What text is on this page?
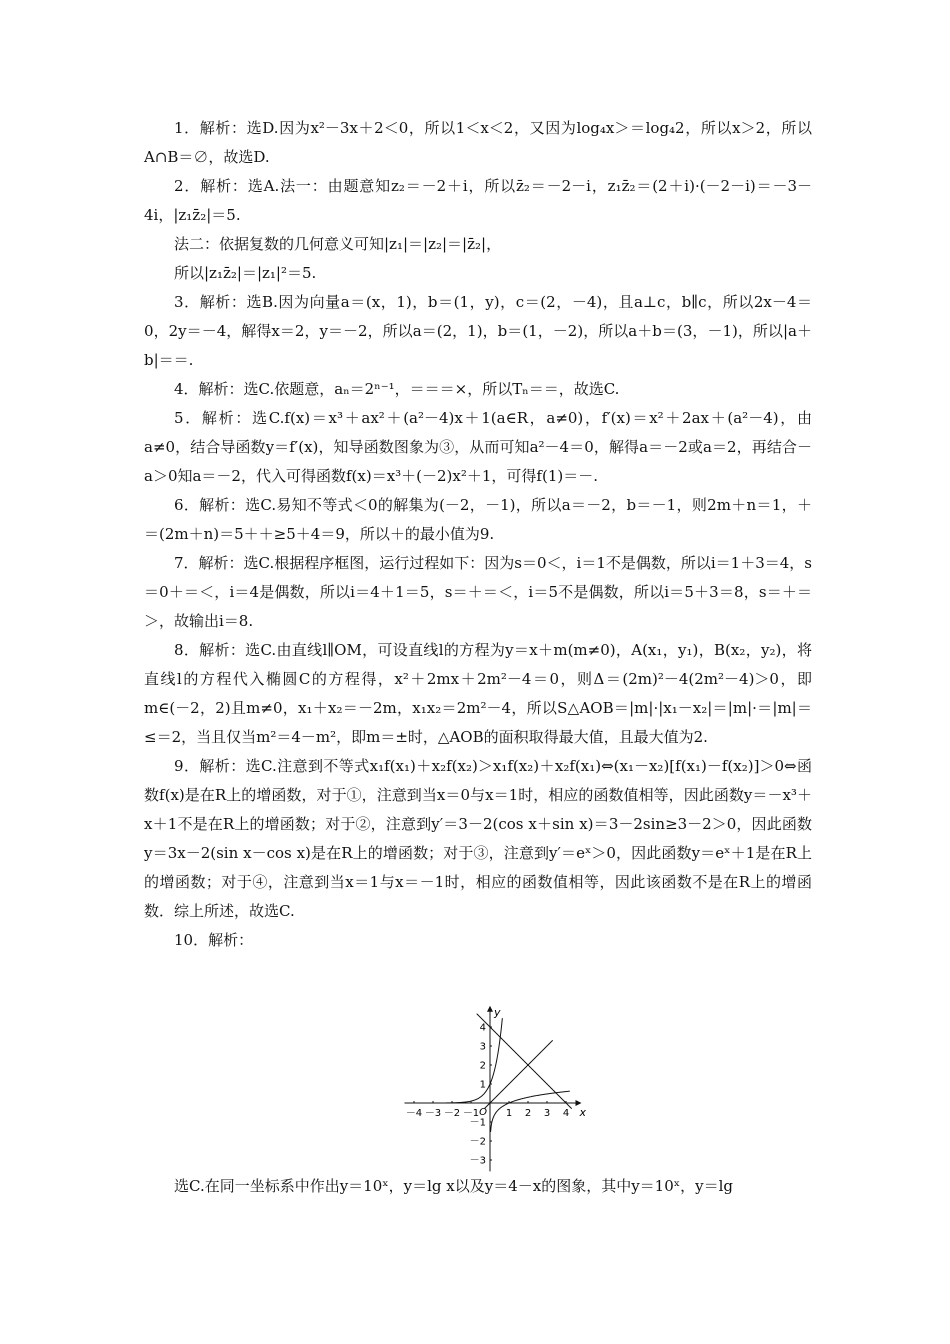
1．解析：选D.因为x²－3x＋2＜0，所以1＜x＜2，又因为log₄x＞＝log₄2，所以x＞2，所以A∩B＝∅，故选D.

2．解析：选A.法一：由题意知z₂＝－2＋i，所以z̄₂＝－2－i，z₁z̄₂＝(2＋i)·(－2－i)＝－3－4i，|z₁z̄₂|＝5.

法二：依据复数的几何意义可知|z₁|＝|z₂|＝|z̄₂|，

所以|z₁z̄₂|＝|z₁|²＝5.

3．解析：选B.因为向量a＝(x，1)，b＝(1，y)，c＝(2，－4)，且a⊥c，b∥c，所以2x－4＝0，2y＝－4，解得x＝2，y＝－2，所以a＝(2，1)，b＝(1，－2)，所以a＋b＝(3，－1)，所以|a＋b|＝＝.

4．解析：选C.依题意，aₙ＝2ⁿ⁻¹，＝＝＝×，所以Tₙ＝＝，故选C.

5．解析：选C.f(x)＝x³＋ax²＋(a²－4)x＋1(a∈R，a≠0)，f′(x)＝x²＋2ax＋(a²－4)，由a≠0，结合导函数y＝f′(x)，知导函数图象为③，从而可知a²－4＝0，解得a＝－2或a＝2，再结合－a＞0知a＝－2，代入可得函数f(x)＝x³＋(－2)x²＋1，可得f(1)＝－.

6．解析：选C.易知不等式＜0的解集为(－2，－1)，所以a＝－2，b＝－1，则2m＋n＝1，＋＝(2m＋n)＝5＋＋≥5＋4＝9，所以＋的最小值为9.

7．解析：选C.根据程序框图，运行过程如下：因为s＝0＜，i＝1不是偶数，所以i＝1＋3＝4，s＝0＋＝＜，i＝4是偶数，所以i＝4＋1＝5，s＝＋＝＜，i＝5不是偶数，所以i＝5＋3＝8，s＝＋＝＞，故输出i＝8.

8．解析：选C.由直线l∥OM，可设直线l的方程为y＝x＋m(m≠0)，A(x₁，y₁)，B(x₂，y₂)，将直线l的方程代入椭圆C的方程得，x²＋2mx＋2m²－4＝0，则Δ＝(2m)²－4(2m²－4)＞0，即m∈(－2，2)且m≠0，x₁＋x₂＝－2m，x₁x₂＝2m²－4，所以S△AOB＝|m|·|x₁－x₂|＝|m|·＝|m|＝≤＝2，当且仅当m²＝4－m²，即m＝±时，△AOB的面积取得最大值，且最大值为2.

9．解析：选C.注意到不等式x₁f(x₁)＋x₂f(x₂)＞x₁f(x₂)＋x₂f(x₁)⇔(x₁－x₂)[f(x₁)－f(x₂)]＞0⇔函数f(x)是在R上的增函数，对于①，注意到当x＝0与x＝1时，相应的函数值相等，因此函数y＝－x³＋x＋1不是在R上的增函数；对于②，注意到y′＝3－2(cos x＋sin x)＝3－2sin≥3－2＞0，因此函数y＝3x－2(sin x－cos x)是在R上的增函数；对于③，注意到y′＝eˣ＞0，因此函数y＝eˣ＋1是在R上的增函数；对于④，注意到当x＝1与x＝－1时，相应的函数值相等，因此该函数不是在R上的增函数．综上所述，故选C.

10．解析：

－4 －3 －2 －1	1 2 3 4
4
3
2
1
－1
－2
－3
O	x
y
选C.在同一坐标系中作出y＝10ˣ，y＝lg x以及y＝4－x的图象，其中y＝10ˣ，y＝lg
